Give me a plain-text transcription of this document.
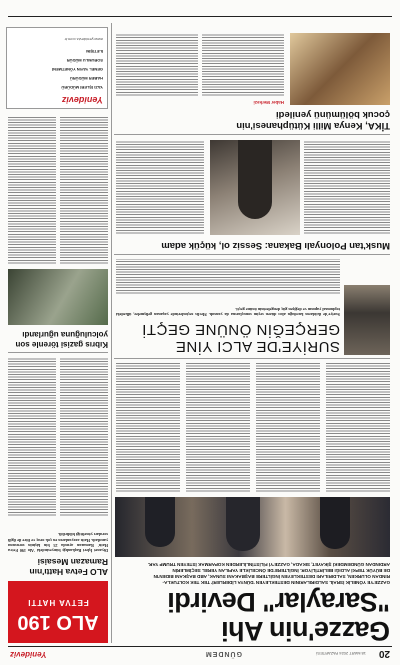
20
GÜNDEM	18 MART 2024 PAZARTESİ
Yenideviz
Gazze'nin Ahi "Saraylar" Devirdi
GAZZE'YE YÖNELİK İSRAİL SALDIRILARININ DESTEKLEYEN 'DÜNYA LİDERLERİ' TEK TEK KOLTUKLA-
RINDAN OLURKEN, SALDIRILARI DESTEKLEYEN İNGİLTERE BAŞBAKANI SUNAK, ABD BAŞKANI BIDEN'IN
DE BÜYÜK TEPKİ ALDIĞI BELİRTİLİYOR. İNGİLTERE'DE ÖNCELİKLE YAPILAN YEREL SEÇİMLERİN
ARDINDAN GÜNDEMDEKİ ŞİKAYET, SIKADA, GAZZE'Yİ FİLİSTİNLİLERDEN KOPARMAK İSTEYEN TRUMP YAR.
ALO 190
FETVA HATTI
ALO Fetva Hattı'nın
Ramazan Mesaisi
Diyanet İşleri Başkanlığı bünyesindeki 'Alo 190 Fetva Hattı' Ramazan ayında 23 bin kişinin sorusunu yanıtladı. Hattı arayanların en çok oruç ve fitre ile ilgili soruları yönelttiği bildirildi.
SURİYE'DE ALCI YİNE
GERÇEĞİN ÖNÜNE GEÇTİ
Suriye'de iktidarın kurduğu alıcı düzen seçim sonuçlarına da yansıdı. Meclis seçimlerinde yaşanan gelişmeler, ülkedeki toplumsal yapının ve değişen güç dengelerinin önüne geçti.
Musk'tan Polonyalı Bakana: Sessiz ol, küçük adam
Tİ̇KA, Kenya Milli Kütüphanesi'nin
çocuk bölümünü yeniledi
Haber Merkezi
Kıbrıs gazisi törenle son
yolculuğuna uğurlandı
Yenideviz
YAZI İŞLERİ MÜDÜRÜ
HABER MÜDÜRÜ
GENEL YAYIN YÖNETMENİ
SORUMLU MÜDÜR
İLETİŞİM
www.yenideviz.com.tr
